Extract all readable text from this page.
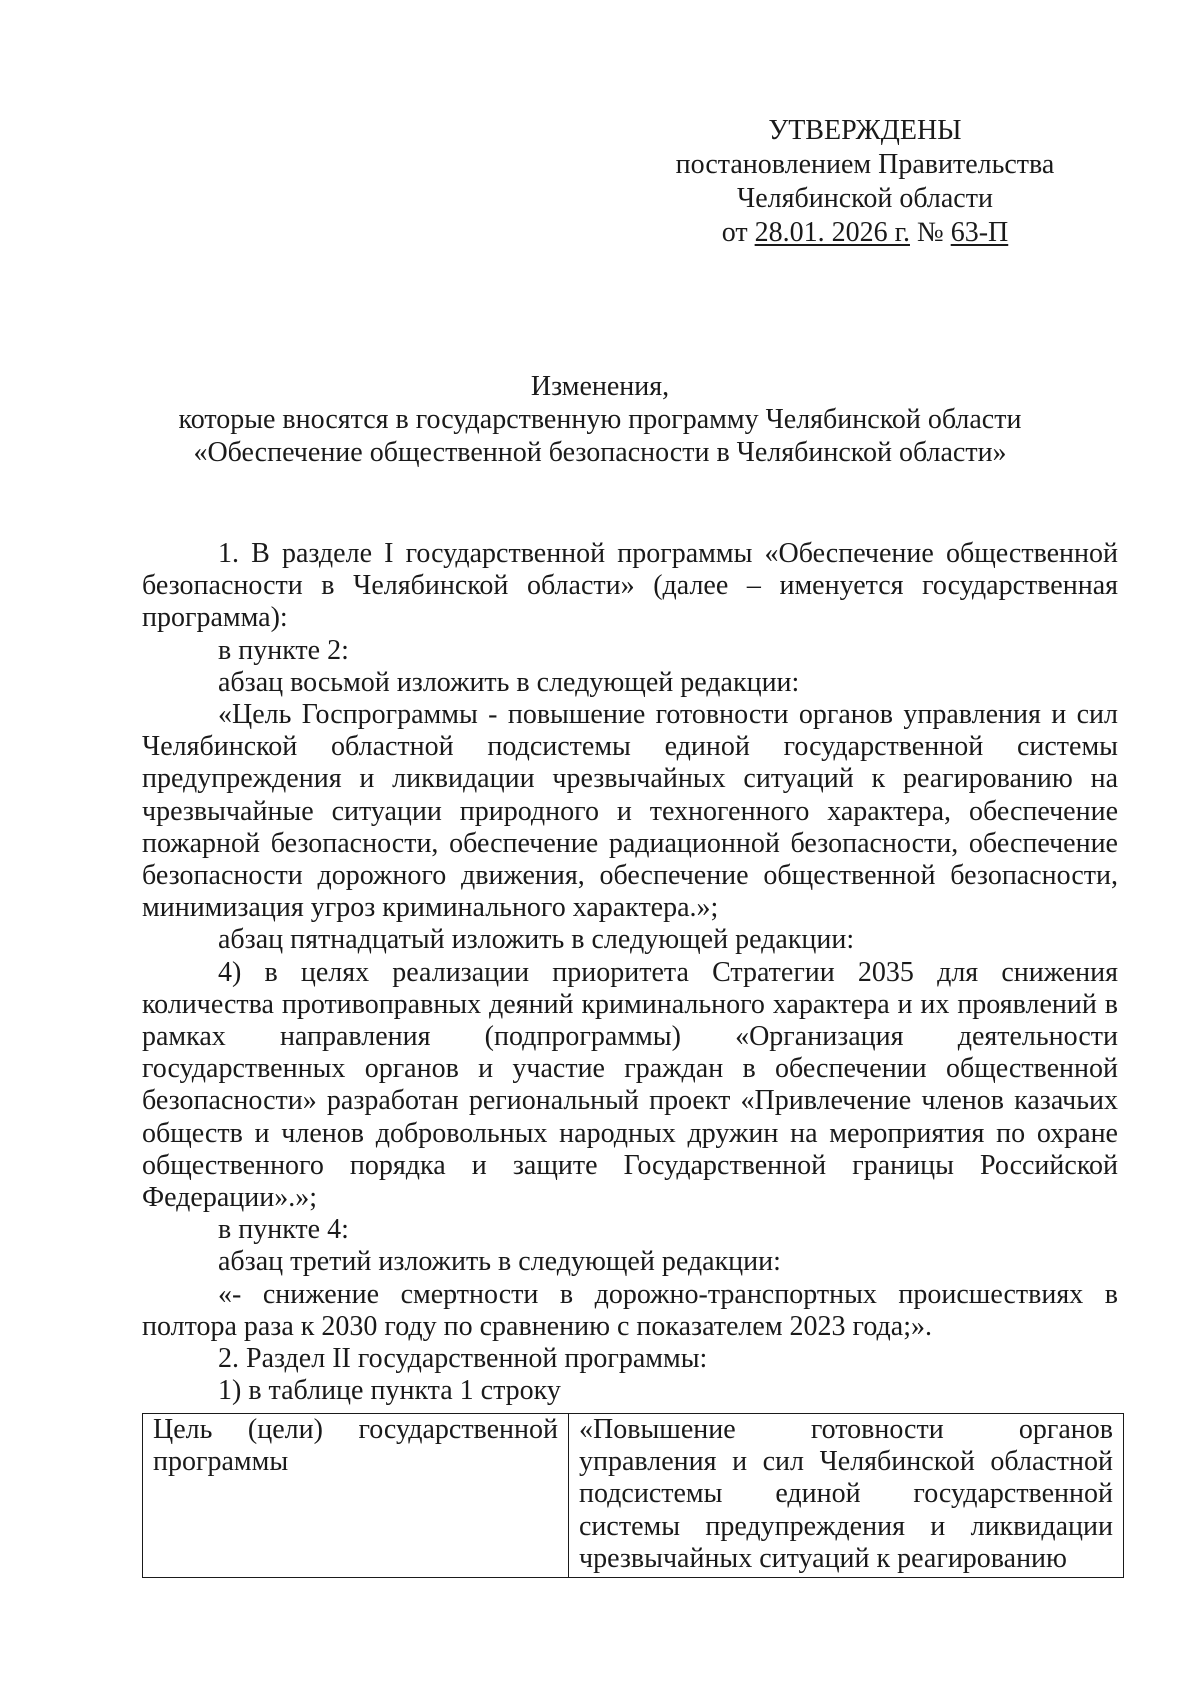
УТВЕРЖДЕНЫ
постановлением Правительства
Челябинской области
от 28.01. 2026 г. № 63-П
Изменения,
которые вносятся в государственную программу Челябинской области
«Обеспечение общественной безопасности в Челябинской области»

1. В разделе I государственной программы «Обеспечение общественной безопасности в Челябинской области» (далее – именуется государственная программа):

в пункте 2:

абзац восьмой изложить в следующей редакции:

«Цель Госпрограммы - повышение готовности органов управления и сил Челябинской областной подсистемы единой государственной системы предупреждения и ликвидации чрезвычайных ситуаций к реагированию на чрезвычайные ситуации природного и техногенного характера, обеспечение пожарной безопасности, обеспечение радиационной безопасности, обеспечение безопасности дорожного движения, обеспечение общественной безопасности, минимизация угроз криминального характера.»;

абзац пятнадцатый изложить в следующей редакции:

4) в целях реализации приоритета Стратегии 2035 для снижения количества противоправных деяний криминального характера и их проявлений в рамках направления (подпрограммы) «Организация деятельности государственных органов и участие граждан в обеспечении общественной безопасности» разработан региональный проект «Привлечение членов казачьих обществ и членов добровольных народных дружин на мероприятия по охране общественного порядка и защите Государственной границы Российской Федерации».»;

в пункте 4:

абзац третий изложить в следующей редакции:

«- снижение смертности в дорожно-транспортных происшествиях в полтора раза к 2030 году по сравнению с показателем 2023 года;».

2. Раздел II государственной программы:

1) в таблице пункта 1 строку

Цель (цели) государственной программы	«Повышение готовности органов управления и сил Челябинской областной подсистемы единой государственной системы предупреждения и ликвидации чрезвычайных ситуаций к реагированию
